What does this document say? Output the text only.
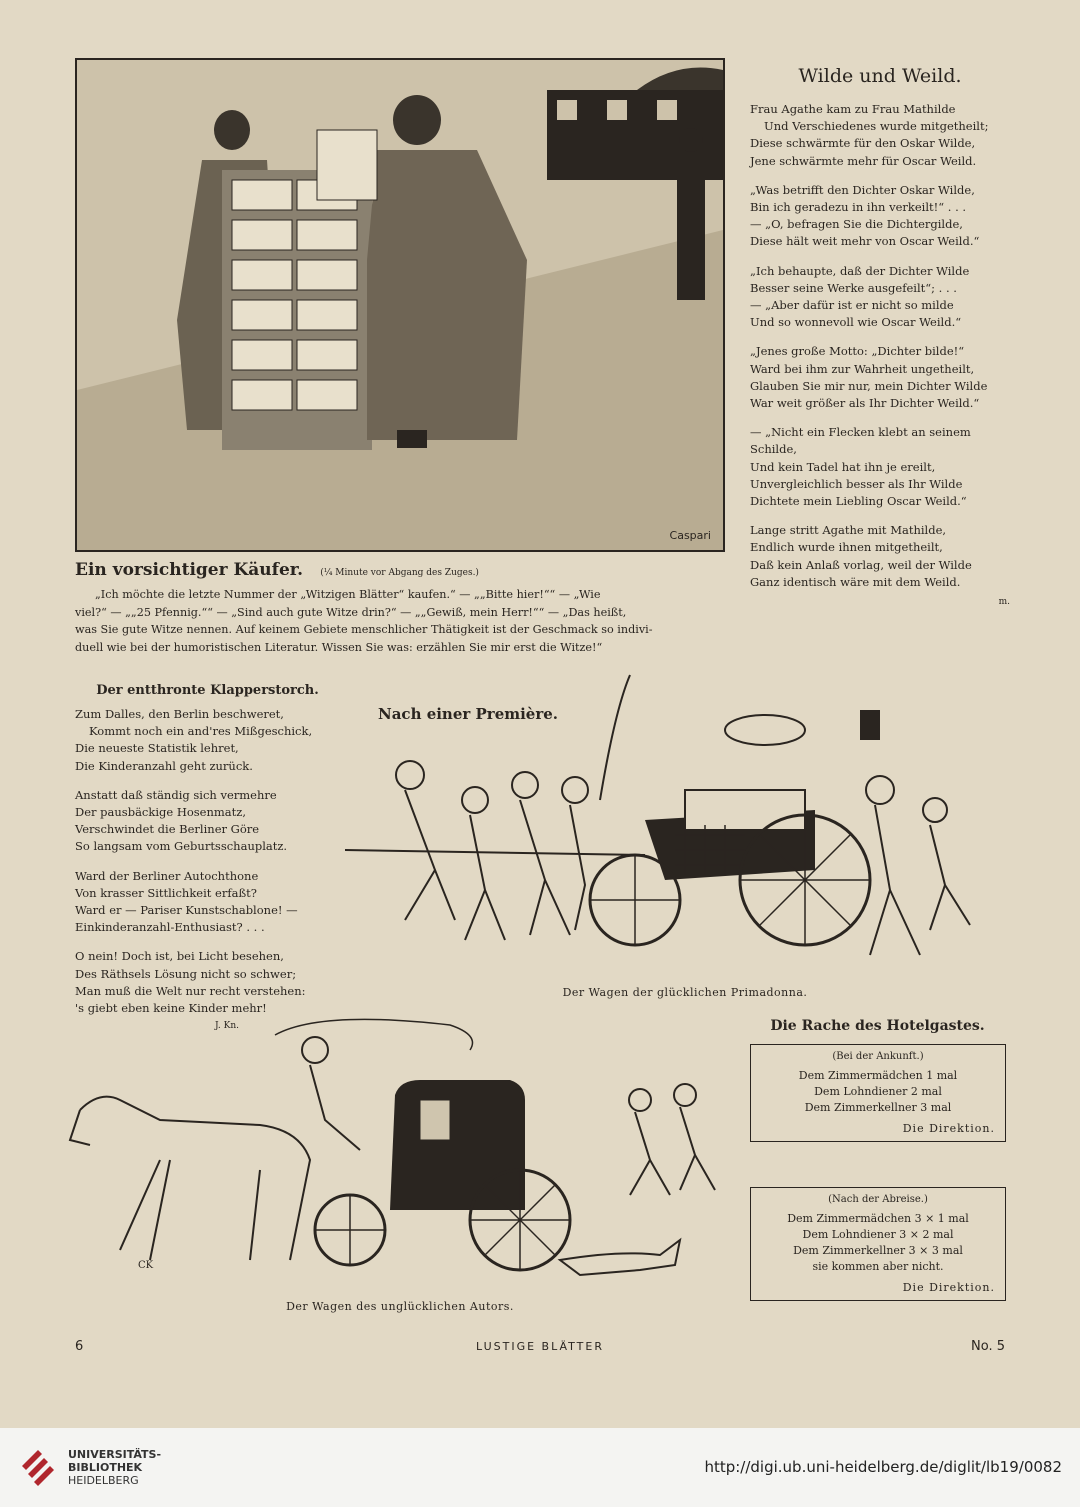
Caspari
Ein vorsichtiger Käufer. (¼ Minute vor Abgang des Zuges.)
„Ich möchte die letzte Nummer der „Witzigen Blätter“ kaufen.“ — „„Bitte hier!““ — „Wie
viel?“ — „„25 Pfennig.““ — „Sind auch gute Witze drin?“ — „„Gewiß, mein Herr!““ — „Das heißt,
was Sie gute Witze nennen. Auf keinem Gebiete menschlicher Thätigkeit ist der Geschmack so indivi-
duell wie bei der humoristischen Literatur. Wissen Sie was: erzählen Sie mir erst die Witze!“
Wilde und Weild.

Frau Agathe kam zu Frau Mathilde

Und Verschiedenes wurde mitgetheilt;

Diese schwärmte für den Oskar Wilde,

Jene schwärmte mehr für Oscar Weild.

„Was betrifft den Dichter Oskar Wilde,

Bin ich geradezu in ihn verkeilt!“ . . .

— „O, befragen Sie die Dichtergilde,

Diese hält weit mehr von Oscar Weild.“

„Ich behaupte, daß der Dichter Wilde

Besser seine Werke ausgefeilt“; . . .

— „Aber dafür ist er nicht so milde

Und so wonnevoll wie Oscar Weild.“

„Jenes große Motto: „Dichter bilde!“

Ward bei ihm zur Wahrheit ungetheilt,

Glauben Sie mir nur, mein Dichter Wilde

War weit größer als Ihr Dichter Weild.“

— „Nicht ein Flecken klebt an seinem Schilde,

Und kein Tadel hat ihn je ereilt,

Unvergleichlich besser als Ihr Wilde

Dichtete mein Liebling Oscar Weild.“

Lange stritt Agathe mit Mathilde,

Endlich wurde ihnen mitgetheilt,

Daß kein Anlaß vorlag, weil der Wilde

Ganz identisch wäre mit dem Weild.

m.
Der entthronte Klapperstorch.

Zum Dalles, den Berlin beschweret,

Kommt noch ein and'res Mißgeschick,

Die neueste Statistik lehret,

Die Kinderanzahl geht zurück.

Anstatt daß ständig sich vermehre

Der pausbäckige Hosenmatz,

Verschwindet die Berliner Göre

So langsam vom Geburtsschauplatz.

Ward der Berliner Autochthone

Von krasser Sittlichkeit erfaßt?

Ward er — Pariser Kunstschablone! —

Einkinderanzahl-Enthusiast? . . .

O nein! Doch ist, bei Licht besehen,

Des Räthsels Lösung nicht so schwer;

Man muß die Welt nur recht verstehen:

's giebt eben keine Kinder mehr!

J. Kn.
Nach einer Première.
Der Wagen der glücklichen Primadonna.
CK
Der Wagen des unglücklichen Autors.
Die Rache des Hotelgastes.
(Bei der Ankunft.)
Dem Zimmermädchen 1 mal
Dem Lohndiener 2 mal
Dem Zimmerkellner 3 mal
Die Direktion.
(Nach der Abreise.)
Dem Zimmermädchen 3 × 1 mal
Dem Lohndiener 3 × 2 mal
Dem Zimmerkellner 3 × 3 mal
sie kommen aber nicht.
Die Direktion.
6	LUSTIGE BLÄTTER	No. 5
UNIVERSITÄTS-
BIBLIOTHEK
HEIDELBERG
http://digi.ub.uni-heidelberg.de/diglit/lb19/0082
